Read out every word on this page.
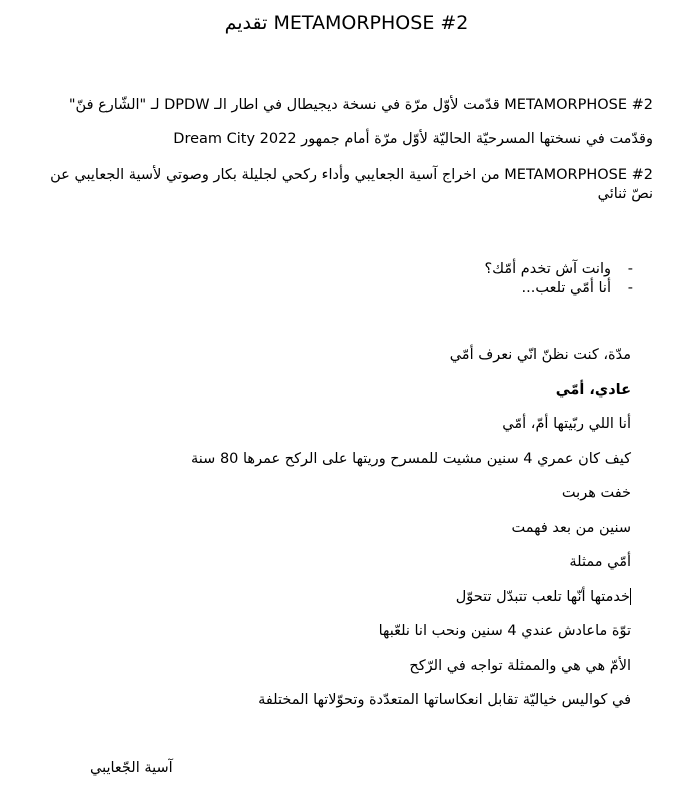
METAMORPHOSE #2 تقديم
METAMORPHOSE #2 قدّمت لأوّل مرّة في نسخة ديجيطال في اطار الـ DPDW لـ "الشّارع فنّ"
وقدّمت في نسختها المسرحيّة الحاليّة لأوّل مرّة أمام جمهور Dream City 2022
METAMORPHOSE #2 من اخراج آسية الجعايبي وأداء ركحي لجليلة بكار وصوتي لأسية الجعايبي عن نصّ ثنائي
-
وانت آش تخدم أمّك؟
-
أنا أمّي تلعب...
مدّة، كنت نظنّ انّي نعرف أمّي
عادي، أمّي
أنا اللي ربّيتها أمّ، أمّي
كيف كان عمري 4 سنين مشيت للمسرح وريتها على الركح عمرها 80 سنة
خفت هربت
سنين من بعد فهمت
أمّي ممثلة
خدمتها أنّها تلعب تتبدّل تتحوّل
توّة ماعادش عندي 4 سنين ونحب انا نلعّبها
الأمّ هي هي والممثلة تواجه في الرّكح
في كواليس خياليّة تقابل انعكاساتها المتعدّدة وتحوّلاتها المختلفة
آسية الجّعايبي
